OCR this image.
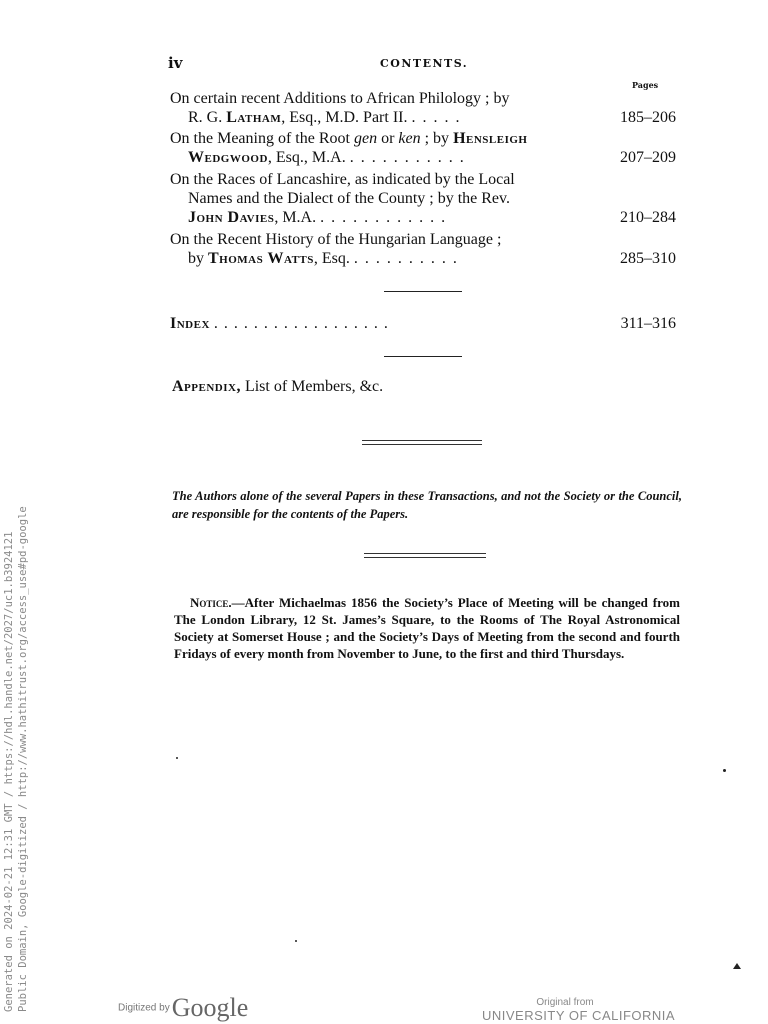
iv	CONTENTS.
Pages
On certain recent Additions to African Philology ; by
R. G. Latham, Esq., M.D. Part II. .....	185–206
On the Meaning of the Root gen or ken ; by Hensleigh
Wedgwood, Esq., M.A. ...........	207–209
On the Races of Lancashire, as indicated by the Local
Names and the Dialect of the County ; by the Rev.
John Davies, M.A. ............	210–284
On the Recent History of the Hungarian Language ;
by Thomas Watts, Esq. ..........	285–310
Index . . . . . . . . . . . . . . . . . .	311–316
Appendix, List of Members, &c.
The Authors alone of the several Papers in these Transactions, and not the Society or the Council, are responsible for the contents of the Papers.
Notice.—After Michaelmas 1856 the Society’s Place of Meeting will be changed from The London Library, 12 St. James’s Square, to the Rooms of The Royal Astronomical Society at Somerset House ; and the Society’s Days of Meeting from the second and fourth Fridays of every month from November to June, to the first and third Thursdays.
Generated on 2024-02-21 12:31 GMT / https://hdl.handle.net/2027/uc1.b3924121 Public Domain, Google-digitized / http://www.hathitrust.org/access_use#pd-google	Digitized byGoogle	Original from
UNIVERSITY OF CALIFORNIA
